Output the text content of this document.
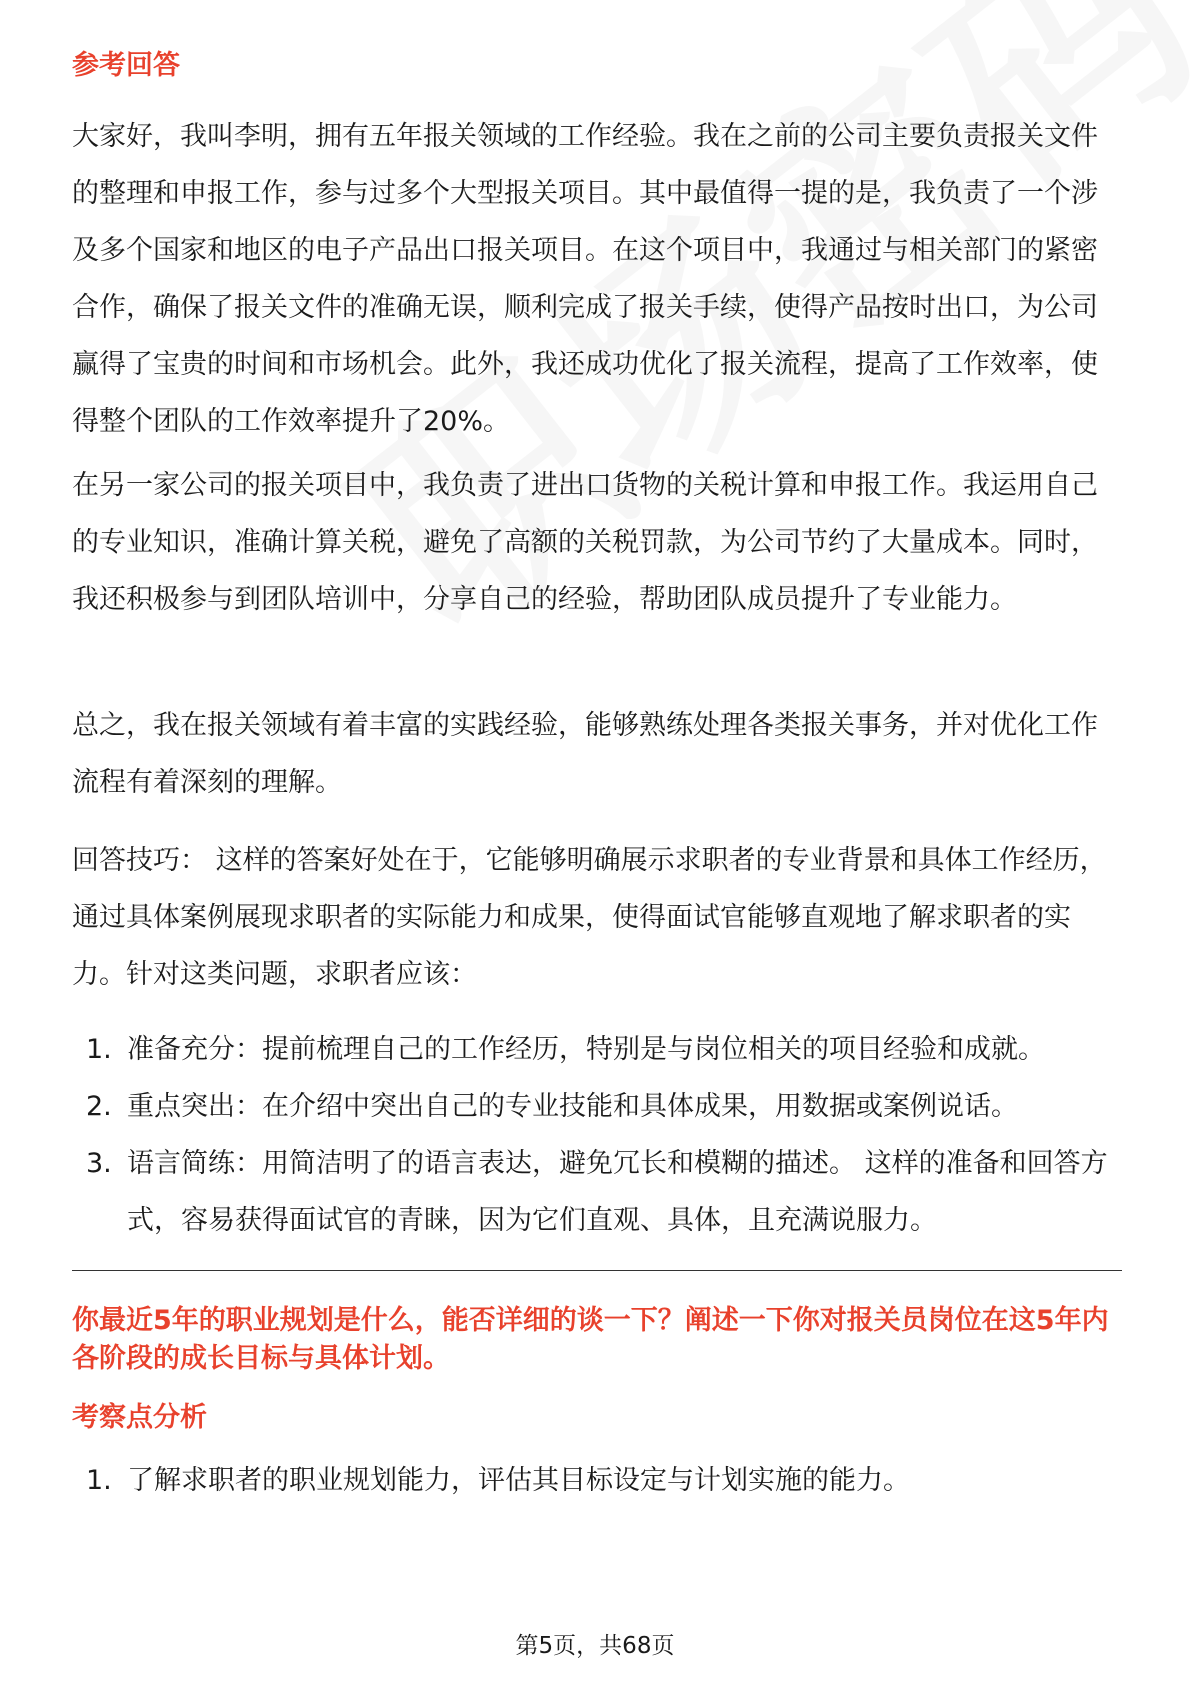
参考回答

大家好，我叫李明，拥有五年报关领域的工作经验。我在之前的公司主要负责报关文件的整理和申报工作，参与过多个大型报关项目。其中最值得一提的是，我负责了一个涉及多个国家和地区的电子产品出口报关项目。在这个项目中，我通过与相关部门的紧密合作，确保了报关文件的准确无误，顺利完成了报关手续，使得产品按时出口，为公司赢得了宝贵的时间和市场机会。此外，我还成功优化了报关流程，提高了工作效率，使得整个团队的工作效率提升了20%。

在另一家公司的报关项目中，我负责了进出口货物的关税计算和申报工作。我运用自己的专业知识，准确计算关税，避免了高额的关税罚款，为公司节约了大量成本。同时，我还积极参与到团队培训中，分享自己的经验，帮助团队成员提升了专业能力。

总之，我在报关领域有着丰富的实践经验，能够熟练处理各类报关事务，并对优化工作流程有着深刻的理解。

回答技巧： 这样的答案好处在于，它能够明确展示求职者的专业背景和具体工作经历，通过具体案例展现求职者的实际能力和成果，使得面试官能够直观地了解求职者的实力。针对这类问题，求职者应该：

1. 准备充分：提前梳理自己的工作经历，特别是与岗位相关的项目经验和成就。
2. 重点突出：在介绍中突出自己的专业技能和具体成果，用数据或案例说话。
3. 语言简练：用简洁明了的语言表达，避免冗长和模糊的描述。 这样的准备和回答方式，容易获得面试官的青睐，因为它们直观、具体，且充满说服力。
你最近5年的职业规划是什么，能否详细的谈一下？阐述一下你对报关员岗位在这5年内各阶段的成长目标与具体计划。
考察点分析
1. 了解求职者的职业规划能力，评估其目标设定与计划实施的能力。
第5页，共68页
